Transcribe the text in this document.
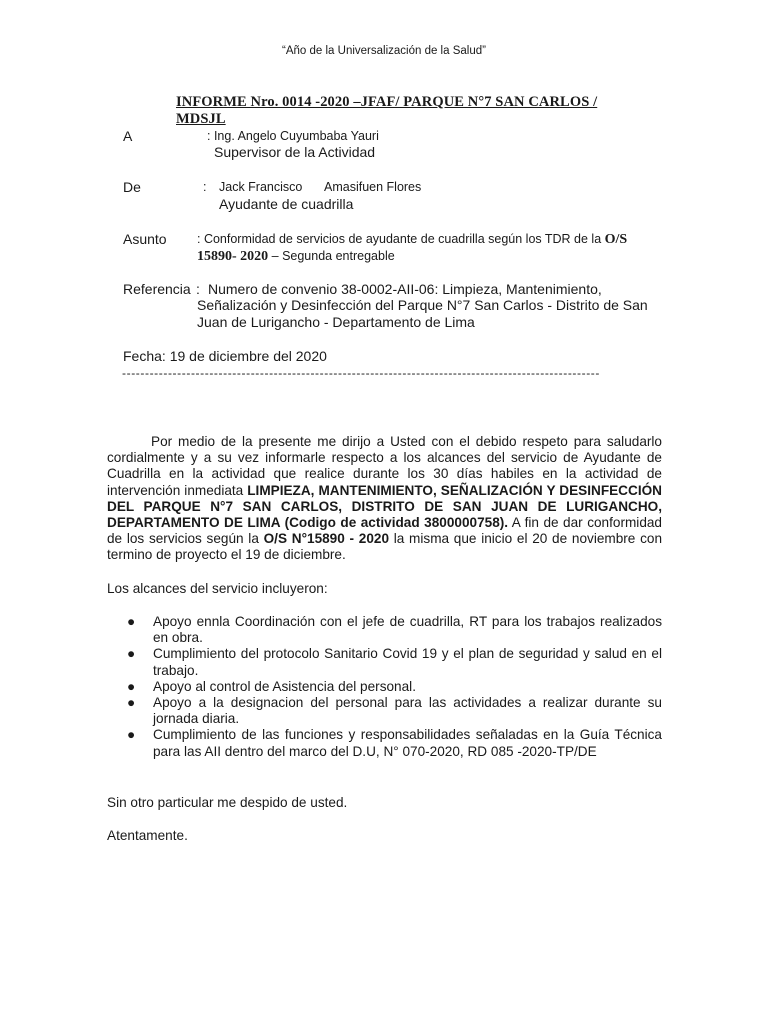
“Año de la Universalización de la Salud”
INFORME Nro. 0014 -2020 –JFAF/ PARQUE N°7 SAN CARLOS /
MDSJL
A	: Ing. Angelo Cuyumbaba Yauri
Supervisor de la Actividad
De	: Jack Francisco Amasifuen Flores
Ayudante de cuadrilla
Asunto : Conformidad de servicios de ayudante de cuadrilla según los TDR de la O/S
15890- 2020 – Segunda entregable
Referencia : Numero de convenio 38-0002-AII-06: Limpieza, Mantenimiento,
Señalización y Desinfección del Parque N°7 San Carlos - Distrito de San
Juan de Lurigancho - Departamento de Lima
Fecha: 19 de diciembre del 2020
--------------------------------------------------------------------------------------------------------
Por medio de la presente me dirijo a Usted con el debido respeto para saludarlo cordialmente y a su vez informarle respecto a los alcances del servicio de Ayudante de Cuadrilla en la actividad que realice durante los 30 días habiles en la actividad de intervención inmediata LIMPIEZA, MANTENIMIENTO, SEÑALIZACIÓN Y DESINFECCIÓN DEL PARQUE N°7 SAN CARLOS, DISTRITO DE SAN JUAN DE LURIGANCHO, DEPARTAMENTO DE LIMA (Codigo de actividad 3800000758). A fin de dar conformidad de los servicios según la O/S N°15890 - 2020 la misma que inicio el 20 de noviembre con termino de proyecto el 19 de diciembre.
Los alcances del servicio incluyeron:
● Apoyo ennla Coordinación con el jefe de cuadrilla, RT para los trabajos realizados en obra.
● Cumplimiento del protocolo Sanitario Covid 19 y el plan de seguridad y salud en el trabajo.
● Apoyo al control de Asistencia del personal.
● Apoyo a la designacion del personal para las actividades a realizar durante su jornada diaria.
● Cumplimiento de las funciones y responsabilidades señaladas en la Guía Técnica para las AII dentro del marco del D.U, N° 070-2020, RD 085 -2020-TP/DE
Sin otro particular me despido de usted.
Atentamente.
